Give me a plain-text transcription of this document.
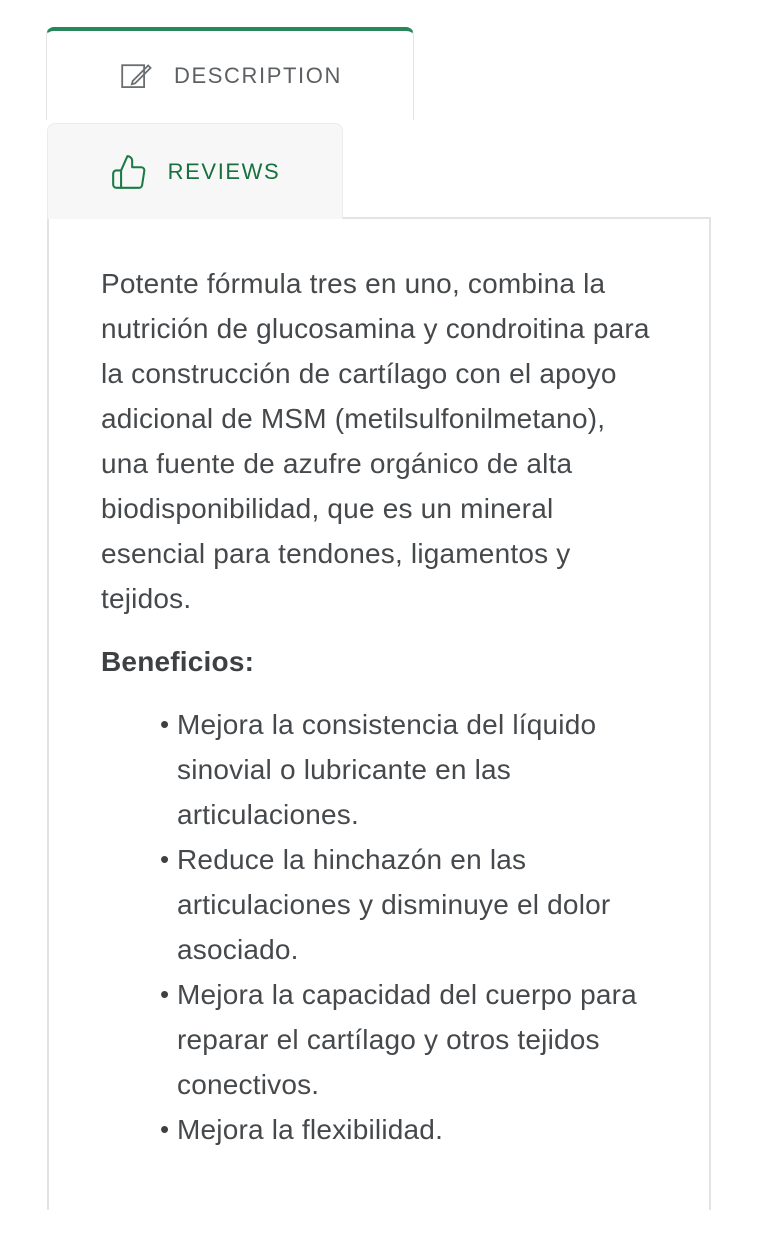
DESCRIPTION
REVIEWS

Potente fórmula tres en uno, combina la nutrición de glucosamina y condroitina para la construcción de cartílago con el apoyo adicional de MSM (metilsulfonilmetano), una fuente de azufre orgánico de alta biodisponibilidad, que es un mineral esencial para tendones, ligamentos y tejidos.

Beneficios:

• Mejora la consistencia del líquido sinovial o lubricante en las articulaciones.
• Reduce la hinchazón en las articulaciones y disminuye el dolor asociado.
• Mejora la capacidad del cuerpo para reparar el cartílago y otros tejidos conectivos.
• Mejora la flexibilidad.
